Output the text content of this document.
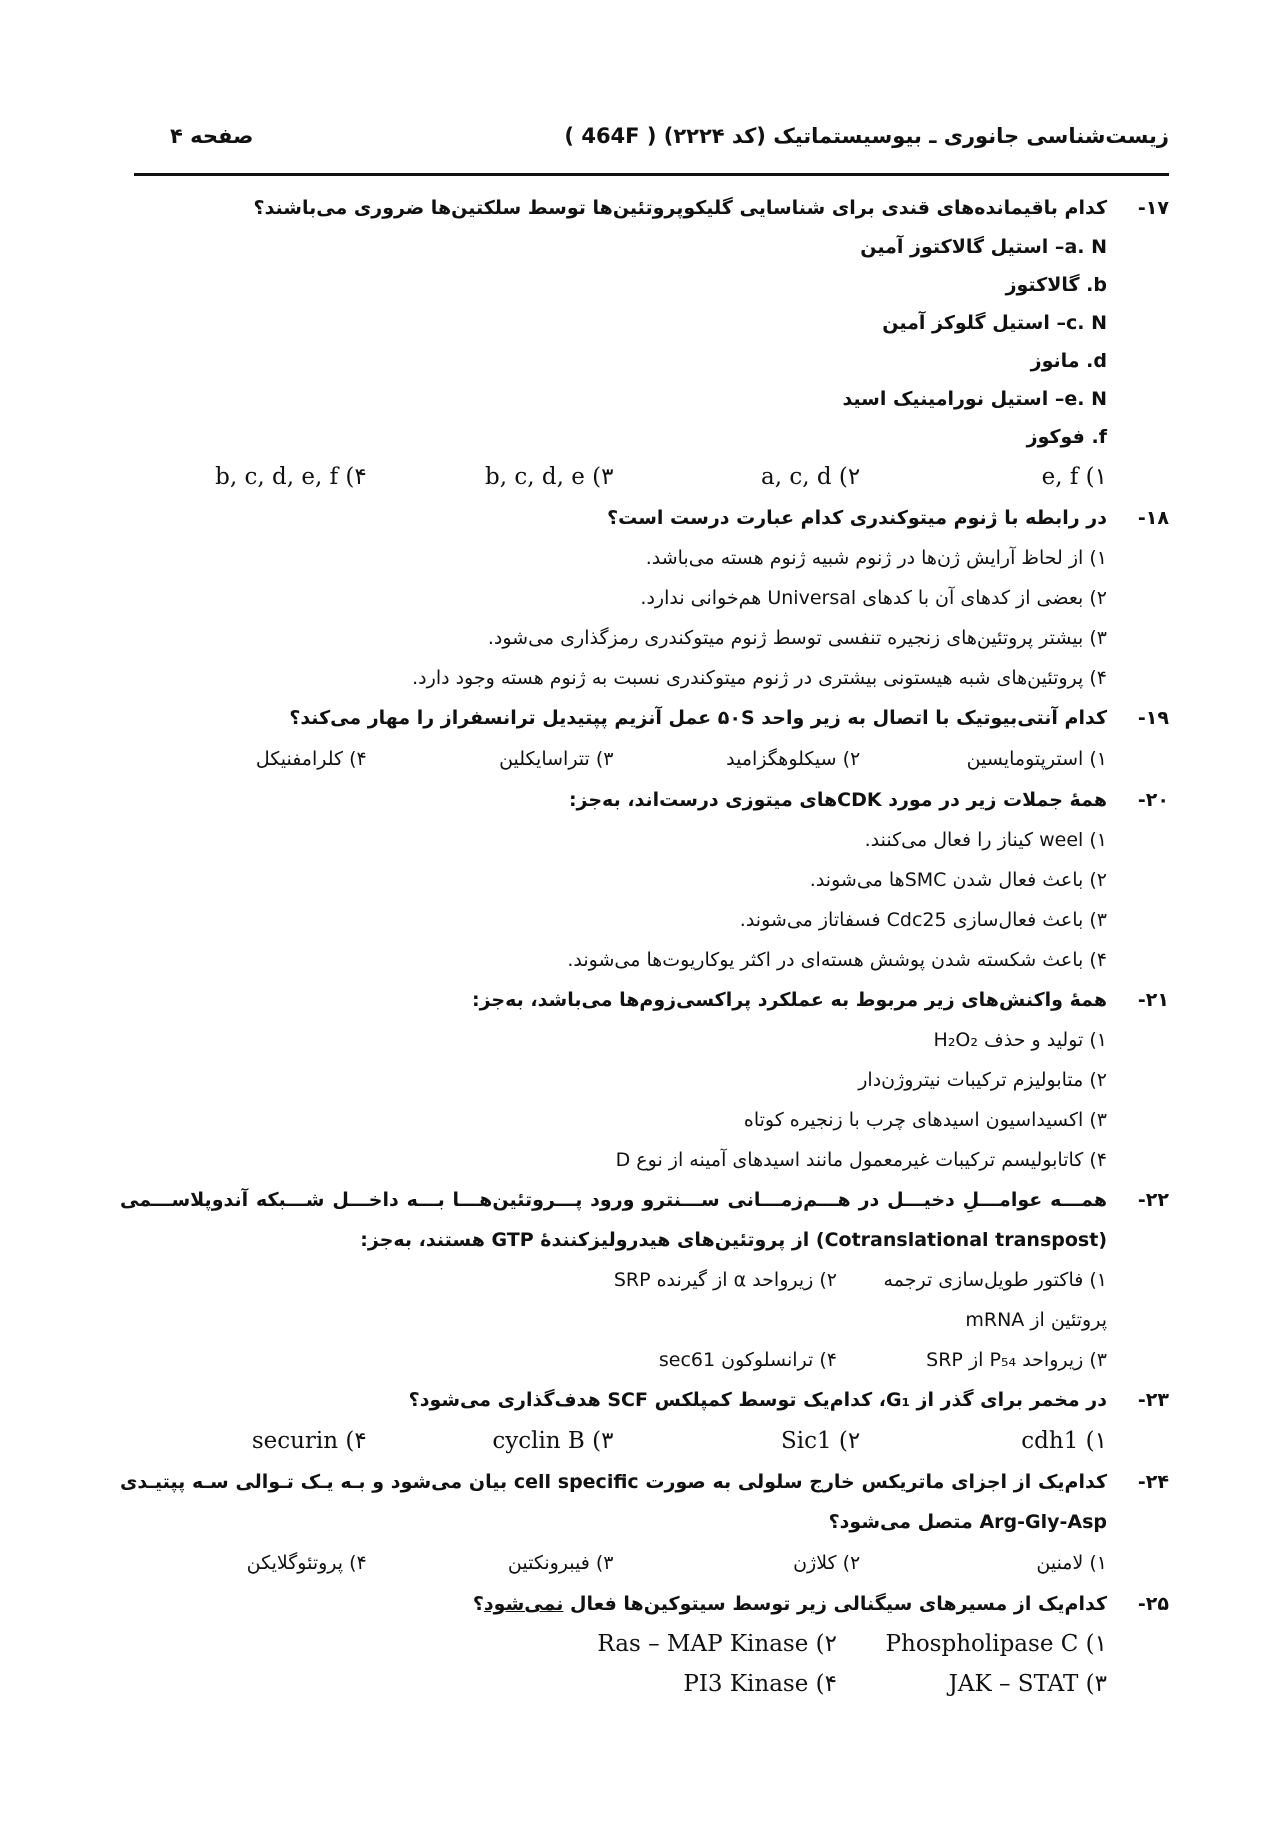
زیست‌شناسی جانوری ـ بیوسیستماتیک (کد ۲۲۲۴) ( 464F )
صفحه ۴
۱۷-
کدام باقیمانده‌های قندی برای شناسایی گلیکوپروتئین‌ها توسط سلکتین‌ها ضروری می‌باشند؟
a. N– استیل گالاکتوز آمین
b. گالاکتوز
c. N– استیل گلوکز آمین
d. مانوز
e. N– استیل نورامینیک اسید
f. فوکوز
۱) e, f
۲) a, c, d
۳) b, c, d, e
۴) b, c, d, e, f
۱۸-
در رابطه با ژنوم میتوکندری کدام عبارت درست است؟
۱) از لحاظ آرایش ژن‌ها در ژنوم شبیه ژنوم هسته می‌باشد.
۲) بعضی از کدهای آن با کدهای Universal هم‌خوانی ندارد.
۳) بیشتر پروتئین‌های زنجیره تنفسی توسط ژنوم میتوکندری رمزگذاری می‌شود.
۴) پروتئین‌های شبه هیستونی بیشتری در ژنوم میتوکندری نسبت به ژنوم هسته وجود دارد.
۱۹-
کدام آنتی‌بیوتیک با اتصال به زیر واحد ۵۰S عمل آنزیم پپتیدیل ترانسفراز را مهار می‌کند؟
۱) استرپتومایسین
۲) سیکلوهگزامید
۳) تتراسایکلین
۴) کلرامفنیکل
۲۰-
همهٔ جملات زیر در مورد CDKهای میتوزی درست‌اند، به‌جز:
۱) weel کیناز را فعال می‌کنند.
۲) باعث فعال شدن SMCها می‌شوند.
۳) باعث فعال‌سازی Cdc25 فسفاتاز می‌شوند.
۴) باعث شکسته شدن پوشش هسته‌ای در اکثر یوکاریوت‌ها می‌شوند.
۲۱-
همهٔ واکنش‌های زیر مربوط به عملکرد پراکسی‌زوم‌ها می‌باشد، به‌جز:
۱) تولید و حذف H₂O₂
۲) متابولیزم ترکیبات نیتروژن‌دار
۳) اکسیداسیون اسیدهای چرب با زنجیره کوتاه
۴) کاتابولیسم ترکیبات غیرمعمول مانند اسیدهای آمینه از نوع D
۲۲-
همـــه عوامـــلِ دخیـــل در هـــم‌زمـــانی ســـنترو ورود پـــروتئین‌هـــا بـــه داخـــل شـــبکه آندوپلاســـمی
(Cotranslational transpost) از پروتئین‌های هیدرولیزکنندهٔ GTP هستند، به‌جز:
۱) فاکتور طویل‌سازی ترجمه پروتئین از mRNA
۲) زیرواحد α از گیرنده SRP
۳) زیرواحد P₅₄ از SRP
۴) ترانسلوکون sec61
۲۳-
در مخمر برای گذر از G₁، کدام‌یک توسط کمپلکس SCF هدف‌گذاری می‌شود؟
۱) cdh1
۲) Sic1
۳) cyclin B
۴) securin
۲۴-
کدام‌یک از اجزای ماتریکس خارج سلولی به صورت cell specific بیان می‌شود و بـه یـک تـوالی سـه پپتیـدی
Arg-Gly-Asp متصل می‌شود؟
۱) لامنین
۲) کلاژن
۳) فیبرونکتین
۴) پروتئوگلایکن
۲۵-
کدام‌یک از مسیرهای سیگنالی زیر توسط سیتوکین‌ها فعال نمی‌شود؟
۱) Phospholipase C
۲) Ras – MAP Kinase
۳) JAK – STAT
۴) PI3 Kinase
